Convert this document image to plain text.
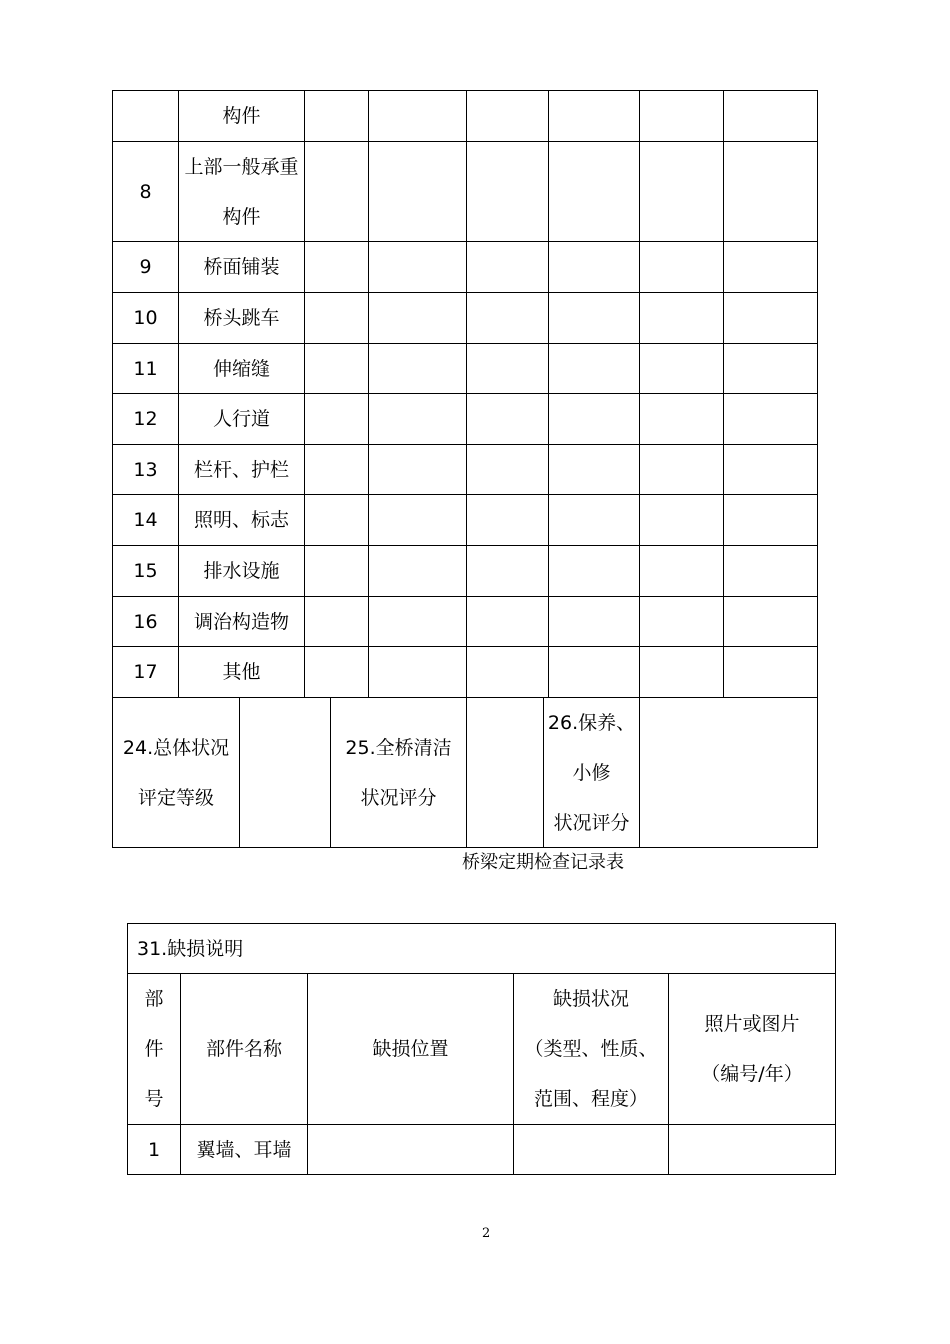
8
9
10
11
12
13
14
15
16
17
构件
上部一般承重
构件
桥面铺装
桥头跳车
伸缩缝
人行道
栏杆、护栏
照明、标志
排水设施
调治构造物
其他
24.总体状况
评定等级
25.全桥清洁
状况评分
26.保养、
小修
状况评分
桥梁定期检查记录表
31.缺损说明
部
件
号
部件名称	缺损位置
缺损状况
（类型、性质、
范围、程度）
照片或图片
（编号/年）
1	翼墙、耳墙
2
